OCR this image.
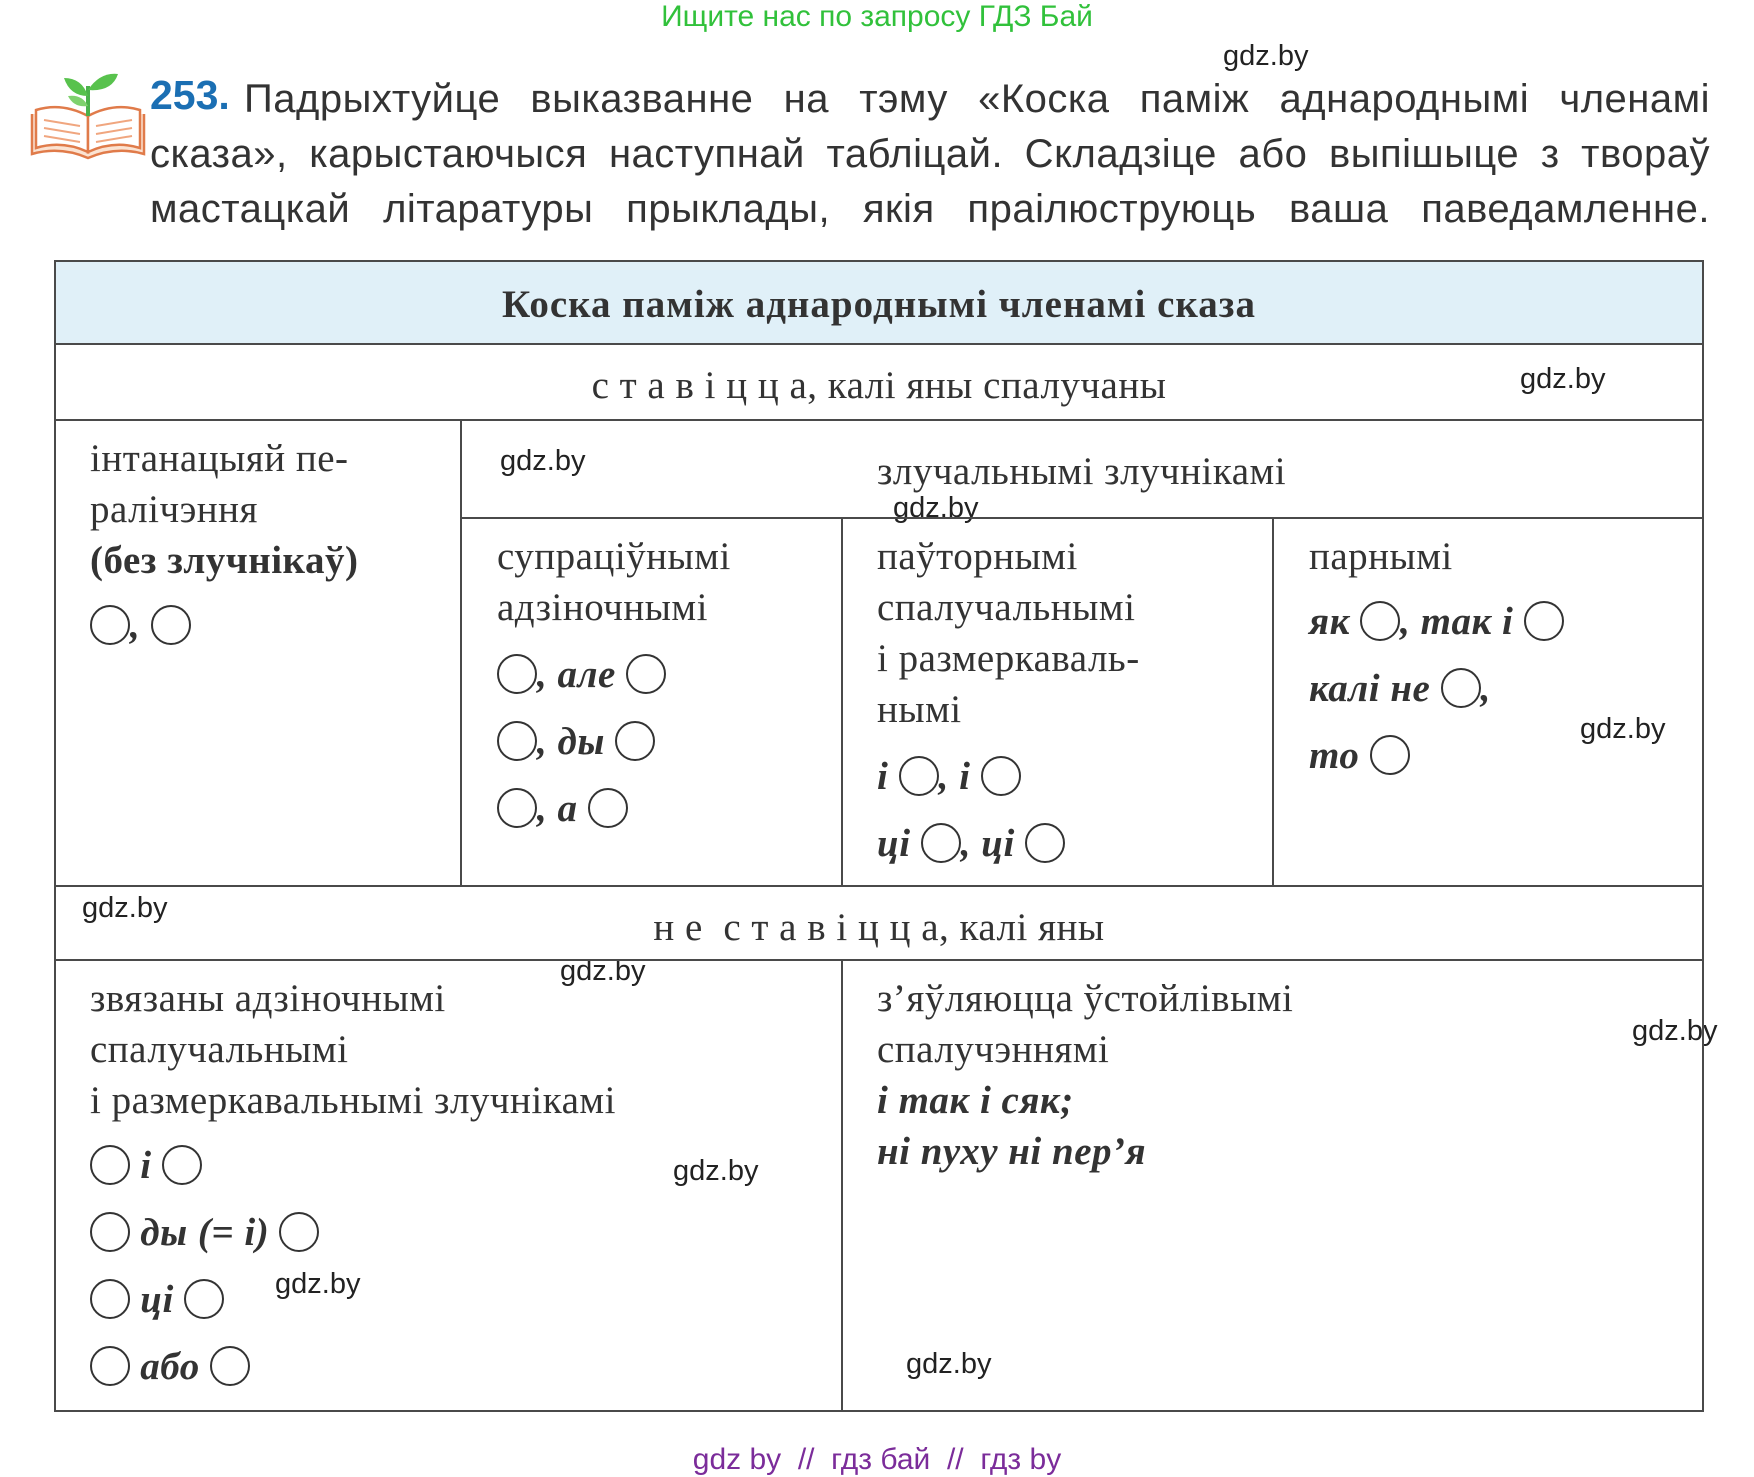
Ищите нас по запросу ГДЗ Бай
gdz.by
gdz.by
gdz.by
gdz.by
gdz.by
gdz.by
gdz.by
gdz.by
gdz.by
gdz.by
gdz.by
253. Падрыхтуйце выказванне на тэму «Коска паміж аднароднымі членамі
сказа», карыстаючыся наступнай табліцай. Складзіце або выпішыце з твораў
мастацкай літаратуры прыклады, якія праілюструюць ваша паведамленне.
Коска паміж аднароднымі членамі сказа
с т а в і ц ц а, калі яны спалучаны
інтанацыяй пе-
ралічэння
(без злучнікаў)
,
злучальнымі злучнікамі
супраціўнымі
адзіночнымі
, але
, ды
, а
паўторнымі
спалучальнымі
і размеркаваль-
нымі
і , і
ці , ці
парнымі
як , так і
калі не ,
то
н е  с т а в і ц ц а, калі яны
звязаны адзіночнымі
спалучальнымі
і размеркавальнымі злучнікамі
і
ды (= і)
ці
або
з’яўляюцца ўстойлівымі
спалучэннямі
і так і сяк;
ні пуху ні пер’я
gdz by  //  гдз бай  //  гдз by
